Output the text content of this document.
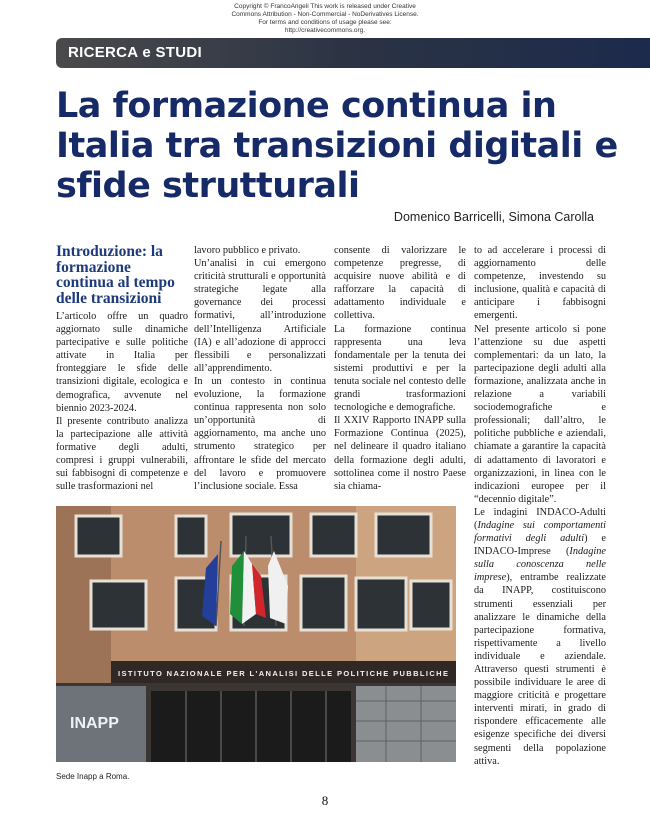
Copyright © FrancoAngeli This work is released under Creative
Commons Attribution - Non-Commercial - NoDerivatives License.
For terms and conditions of usage please see:
http://creativecommons.org.
RICERCA e STUDI
La formazione continua in Italia tra transizioni digitali e sfide strutturali
Domenico Barricelli, Simona Carolla
Introduzione: la formazione continua al tempo delle transizioni

L’articolo offre un quadro aggiornato sulle dinamiche partecipative e sulle politiche attivate in Italia per fronteggiare le sfide delle transizioni digitale, ecologica e demografica, avvenute nel biennio 2023-2024.

Il presente contributo analizza la partecipazione alle attività formative degli adulti, compresi i gruppi vulnerabili, sui fabbisogni di competenze e sulle trasformazioni nel

lavoro pubblico e privato.

Un’analisi in cui emergono criticità strutturali e opportunità strategiche legate alla governance dei processi formativi, all’introduzione dell’Intelligenza Artificiale (IA) e all’adozione di approcci flessibili e personalizzati all’apprendimento.

In un contesto in continua evoluzione, la formazione continua rappresenta non solo un’opportunità di aggiornamento, ma anche uno strumento strategico per affrontare le sfide del mercato del lavoro e promuovere l’inclusione sociale. Essa

consente di valorizzare le competenze pregresse, di acquisire nuove abilità e di rafforzare la capacità di adattamento individuale e collettiva.

La formazione continua rappresenta una leva fondamentale per la tenuta dei sistemi produttivi e per la tenuta sociale nel contesto delle grandi trasformazioni tecnologiche e demografiche.

Il XXIV Rapporto INAPP sulla Formazione Continua (2025), nel delineare il quadro italiano della formazione degli adulti, sottolinea come il nostro Paese sia chiama-

to ad accelerare i processi di aggiornamento delle competenze, investendo su inclusione, qualità e capacità di anticipare i fabbisogni emergenti.

Nel presente articolo si pone l’attenzione su due aspetti complementari: da un lato, la partecipazione degli adulti alla formazione, analizzata anche in relazione a variabili sociodemografiche e professionali; dall’altro, le politiche pubbliche e aziendali, chiamate a garantire la capacità di adattamento di lavoratori e organizzazioni, in linea con le indicazioni europee per il “decennio digitale”.

Le indagini INDACO-Adulti (Indagine sui comportamenti formativi degli adulti) e INDACO-Imprese (Indagine sulla conoscenza nelle imprese), entrambe realizzate da INAPP, costituiscono strumenti essenziali per analizzare le dinamiche della partecipazione formativa, rispettivamente a livello individuale e aziendale. Attraverso questi strumenti è possibile individuare le aree di maggiore criticità e progettare interventi mirati, in grado di rispondere efficacemente alle esigenze specifiche dei diversi segmenti della popolazione attiva.

ISTITUTO NAZIONALE PER L'ANALISI DELLE POLITICHE PUBBLICHE
INAPP
Sede Inapp a Roma.
8
